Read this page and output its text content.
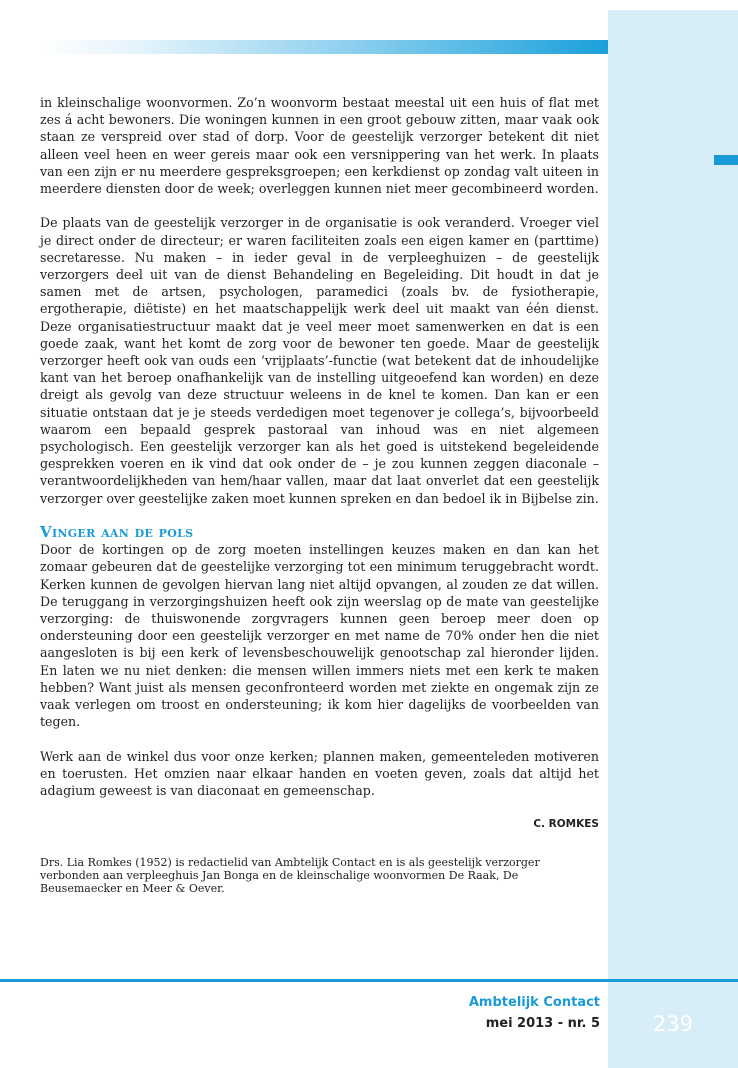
in kleinschalige woonvormen. Zo’n woonvorm bestaat meestal uit een huis of flat met zes á acht bewoners. Die woningen kunnen in een groot gebouw zitten, maar vaak ook staan ze verspreid over stad of dorp. Voor de geestelijk verzorger betekent dit niet alleen veel heen en weer gereis maar ook een versnippering van het werk. In plaats van een zijn er nu meerdere gespreksgroepen; een kerkdienst op zondag valt uiteen in meerdere diensten door de week; overleggen kunnen niet meer gecombineerd worden.

De plaats van de geestelijk verzorger in de organisatie is ook veranderd. Vroeger viel je direct onder de directeur; er waren faciliteiten zoals een eigen kamer en (parttime) secretaresse. Nu maken – in ieder geval in de verpleeghuizen – de geestelijk verzorgers deel uit van de dienst Behandeling en Begeleiding. Dit houdt in dat je samen met de artsen, psychologen, paramedici (zoals bv. de fysiotherapie, ergotherapie, diëtiste) en het maatschappelijk werk deel uit maakt van één dienst. Deze organisatiestructuur maakt dat je veel meer moet samenwerken en dat is een goede zaak, want het komt de zorg voor de bewoner ten goede. Maar de geestelijk verzorger heeft ook van ouds een ‘vrijplaats’-functie (wat betekent dat de inhoudelijke kant van het beroep onafhankelijk van de instelling uitgeoefend kan worden) en deze dreigt als gevolg van deze structuur weleens in de knel te komen. Dan kan er een situatie ontstaan dat je je steeds verdedigen moet tegenover je collega’s, bijvoorbeeld waarom een bepaald gesprek pastoraal van inhoud was en niet algemeen psychologisch. Een geestelijk verzorger kan als het goed is uitstekend begeleidende gesprekken voeren en ik vind dat ook onder de – je zou kunnen zeggen diaconale – verantwoordelijkheden van hem/haar vallen, maar dat laat onverlet dat een geestelijk verzorger over geestelijke zaken moet kunnen spreken en dan bedoel ik in Bijbelse zin.

Vinger aan de pols

Door de kortingen op de zorg moeten instellingen keuzes maken en dan kan het zomaar gebeuren dat de geestelijke verzorging tot een minimum teruggebracht wordt. Kerken kunnen de gevolgen hiervan lang niet altijd opvangen, al zouden ze dat willen. De teruggang in verzorgingshuizen heeft ook zijn weerslag op de mate van geestelijke verzorging: de thuiswonende zorgvragers kunnen geen beroep meer doen op ondersteuning door een geestelijk verzorger en met name de 70% onder hen die niet aangesloten is bij een kerk of levensbeschouwelijk genootschap zal hieronder lijden. En laten we nu niet denken: die mensen willen immers niets met een kerk te maken hebben? Want juist als mensen geconfronteerd worden met ziekte en ongemak zijn ze vaak verlegen om troost en ondersteuning; ik kom hier dagelijks de voorbeelden van tegen.

Werk aan de winkel dus voor onze kerken; plannen maken, gemeenteleden motiveren en toerusten. Het omzien naar elkaar handen en voeten geven, zoals dat altijd het adagium geweest is van diaconaat en gemeenschap.

C. ROMKES

Drs. Lia Romkes (1952) is redactielid van Ambtelijk Contact en is als geestelijk verzorger verbonden aan verpleeghuis Jan Bonga en de kleinschalige woonvormen De Raak, De Beusemaecker en Meer & Oever.

Ambtelijk Contact
mei 2013 - nr. 5	239
